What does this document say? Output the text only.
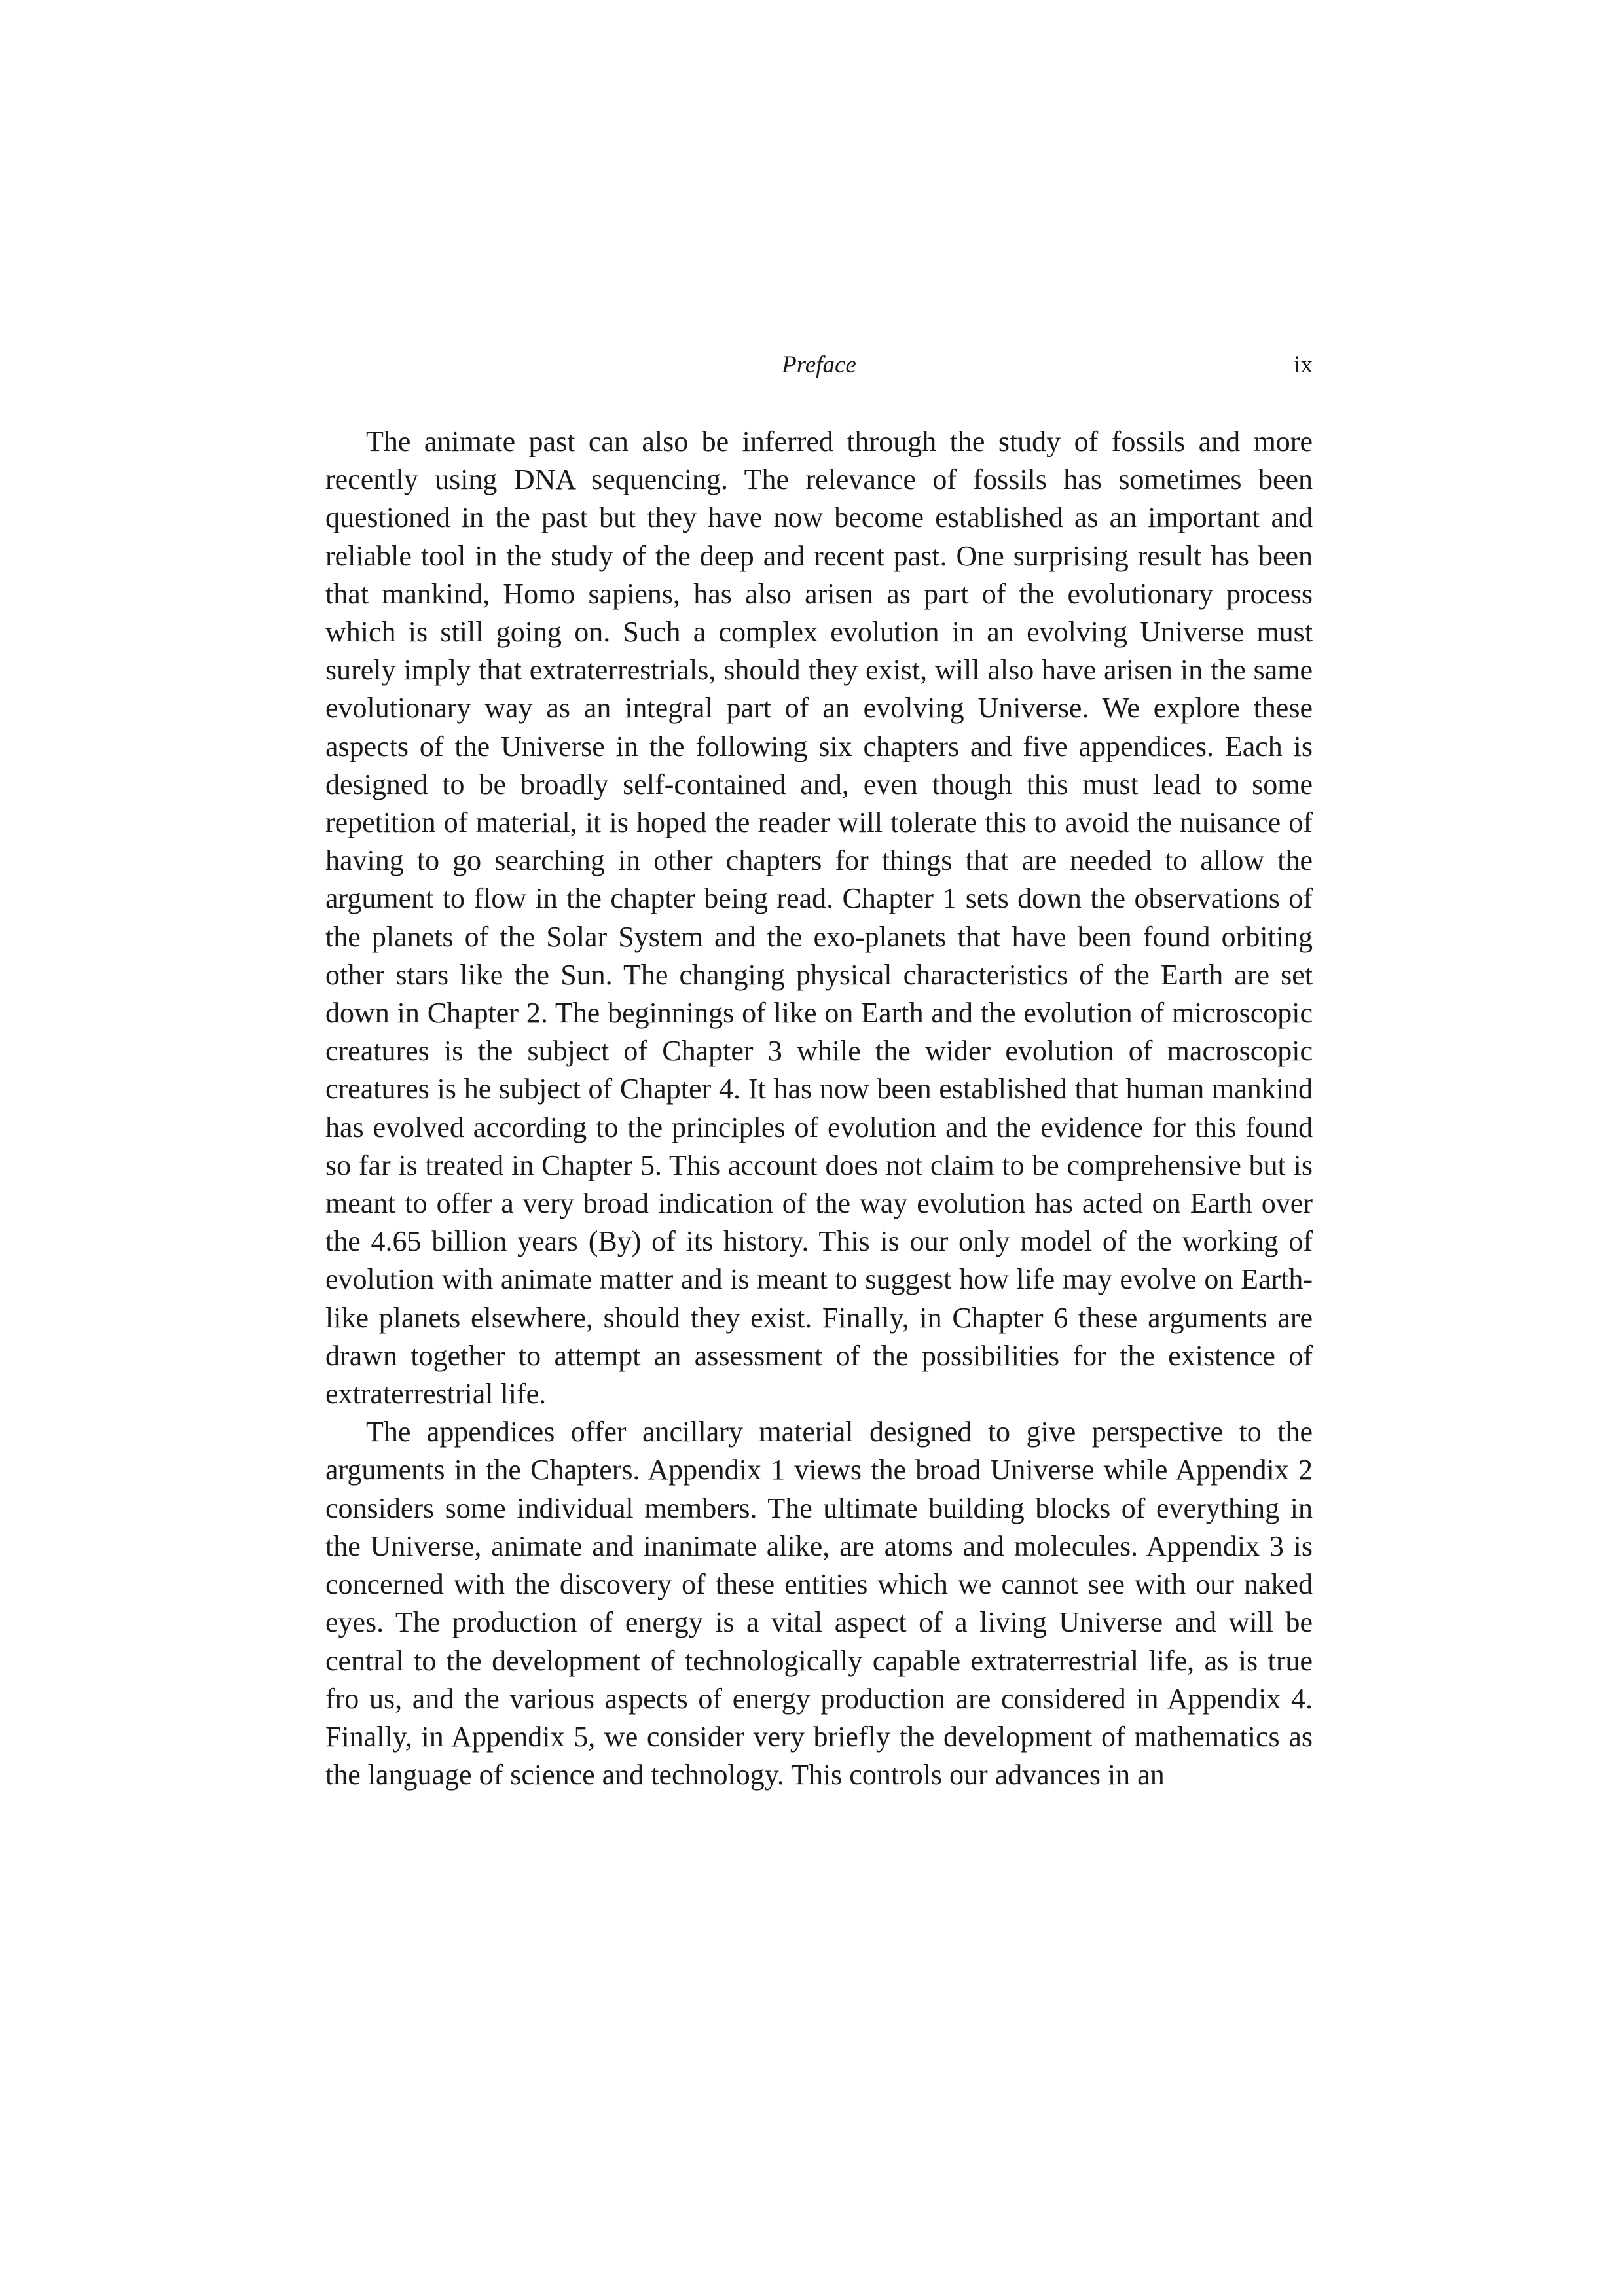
Preface	ix

The animate past can also be inferred through the study of fossils and more recently using DNA sequencing. The relevance of fossils has sometimes been questioned in the past but they have now become established as an important and reliable tool in the study of the deep and recent past. One surprising result has been that mankind, Homo sapiens, has also arisen as part of the evolutionary process which is still going on. Such a complex evolution in an evolving Universe must surely imply that extraterrestrials, should they exist, will also have arisen in the same evolutionary way as an integral part of an evolving Universe. We explore these aspects of the Universe in the following six chapters and five appendices. Each is designed to be broadly self-contained and, even though this must lead to some repetition of material, it is hoped the reader will tolerate this to avoid the nuisance of having to go searching in other chapters for things that are needed to allow the argument to flow in the chapter being read. Chapter 1 sets down the observations of the planets of the Solar System and the exo-planets that have been found orbiting other stars like the Sun. The changing physical characteristics of the Earth are set down in Chapter 2. The beginnings of like on Earth and the evolution of microscopic creatures is the subject of Chapter 3 while the wider evolution of macroscopic creatures is he subject of Chapter 4. It has now been established that human mankind has evolved according to the principles of evolution and the evidence for this found so far is treated in Chapter 5. This account does not claim to be comprehensive but is meant to offer a very broad indication of the way evolution has acted on Earth over the 4.65 billion years (By) of its history. This is our only model of the working of evolution with animate matter and is meant to suggest how life may evolve on Earth-like planets elsewhere, should they exist. Finally, in Chapter 6 these arguments are drawn together to attempt an assessment of the possibilities for the existence of extraterrestrial life.

The appendices offer ancillary material designed to give perspective to the arguments in the Chapters. Appendix 1 views the broad Universe while Appendix 2 considers some individual members. The ultimate building blocks of everything in the Universe, animate and inanimate alike, are atoms and molecules. Appendix 3 is concerned with the discovery of these entities which we cannot see with our naked eyes. The production of energy is a vital aspect of a living Universe and will be central to the development of technologically capable extraterrestrial life, as is true fro us, and the various aspects of energy production are considered in Appendix 4. Finally, in Appendix 5, we consider very briefly the development of mathematics as the language of science and technology. This controls our advances in an
